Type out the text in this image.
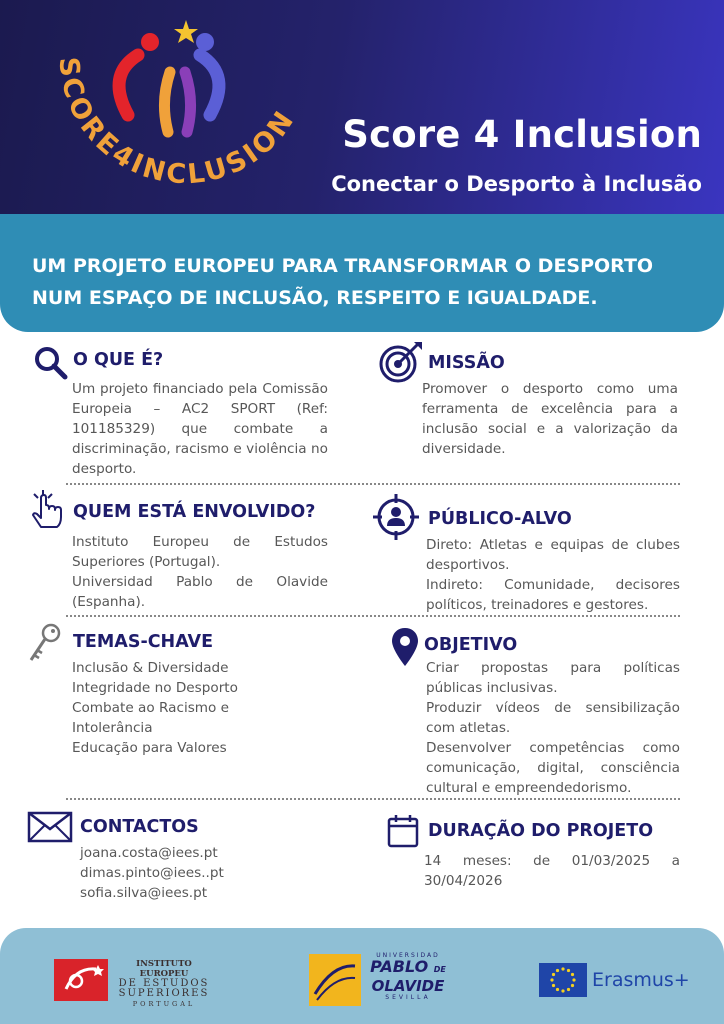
SCORE4INCLUSION Score 4 Inclusion
Conectar o Desporto à Inclusão
UM PROJETO EUROPEU PARA TRANSFORMAR O DESPORTO
NUM ESPAÇO DE INCLUSÃO, RESPEITO E IGUALDADE.
O QUE É?
Um projeto financiado pela Comissão Europeia – AC2 SPORT (Ref: 101185329) que combate a discriminação, racismo e violência no desporto.
MISSÃO
Promover o desporto como uma ferramenta de excelência para a inclusão social e a valorização da diversidade.
QUEM ESTÁ ENVOLVIDO?
Instituto Europeu de Estudos Superiores (Portugal).
Universidad Pablo de Olavide (Espanha).
PÚBLICO-ALVO
Direto: Atletas e equipas de clubes desportivos.
Indireto: Comunidade, decisores políticos, treinadores e gestores.
TEMAS-CHAVE
Inclusão & Diversidade
Integridade no Desporto
Combate ao Racismo e Intolerância
Educação para Valores
OBJETIVO
Criar propostas para políticas públicas inclusivas.
Produzir vídeos de sensibilização com atletas.
Desenvolver competências como comunicação, digital, consciência cultural e empreendedorismo.
CONTACTOS
joana.costa@iees.pt
dimas.pinto@iees..pt
sofia.silva@iees.pt
DURAÇÃO DO PROJETO
14 meses: de 01/03/2025 a 30/04/2026
INSTITUTO EUROPEU
DE ESTUDOS
SUPERIORES
PORTUGAL
UNIVERSIDAD
PABLO DE
OLAVIDE
SEVILLA
Erasmus+
